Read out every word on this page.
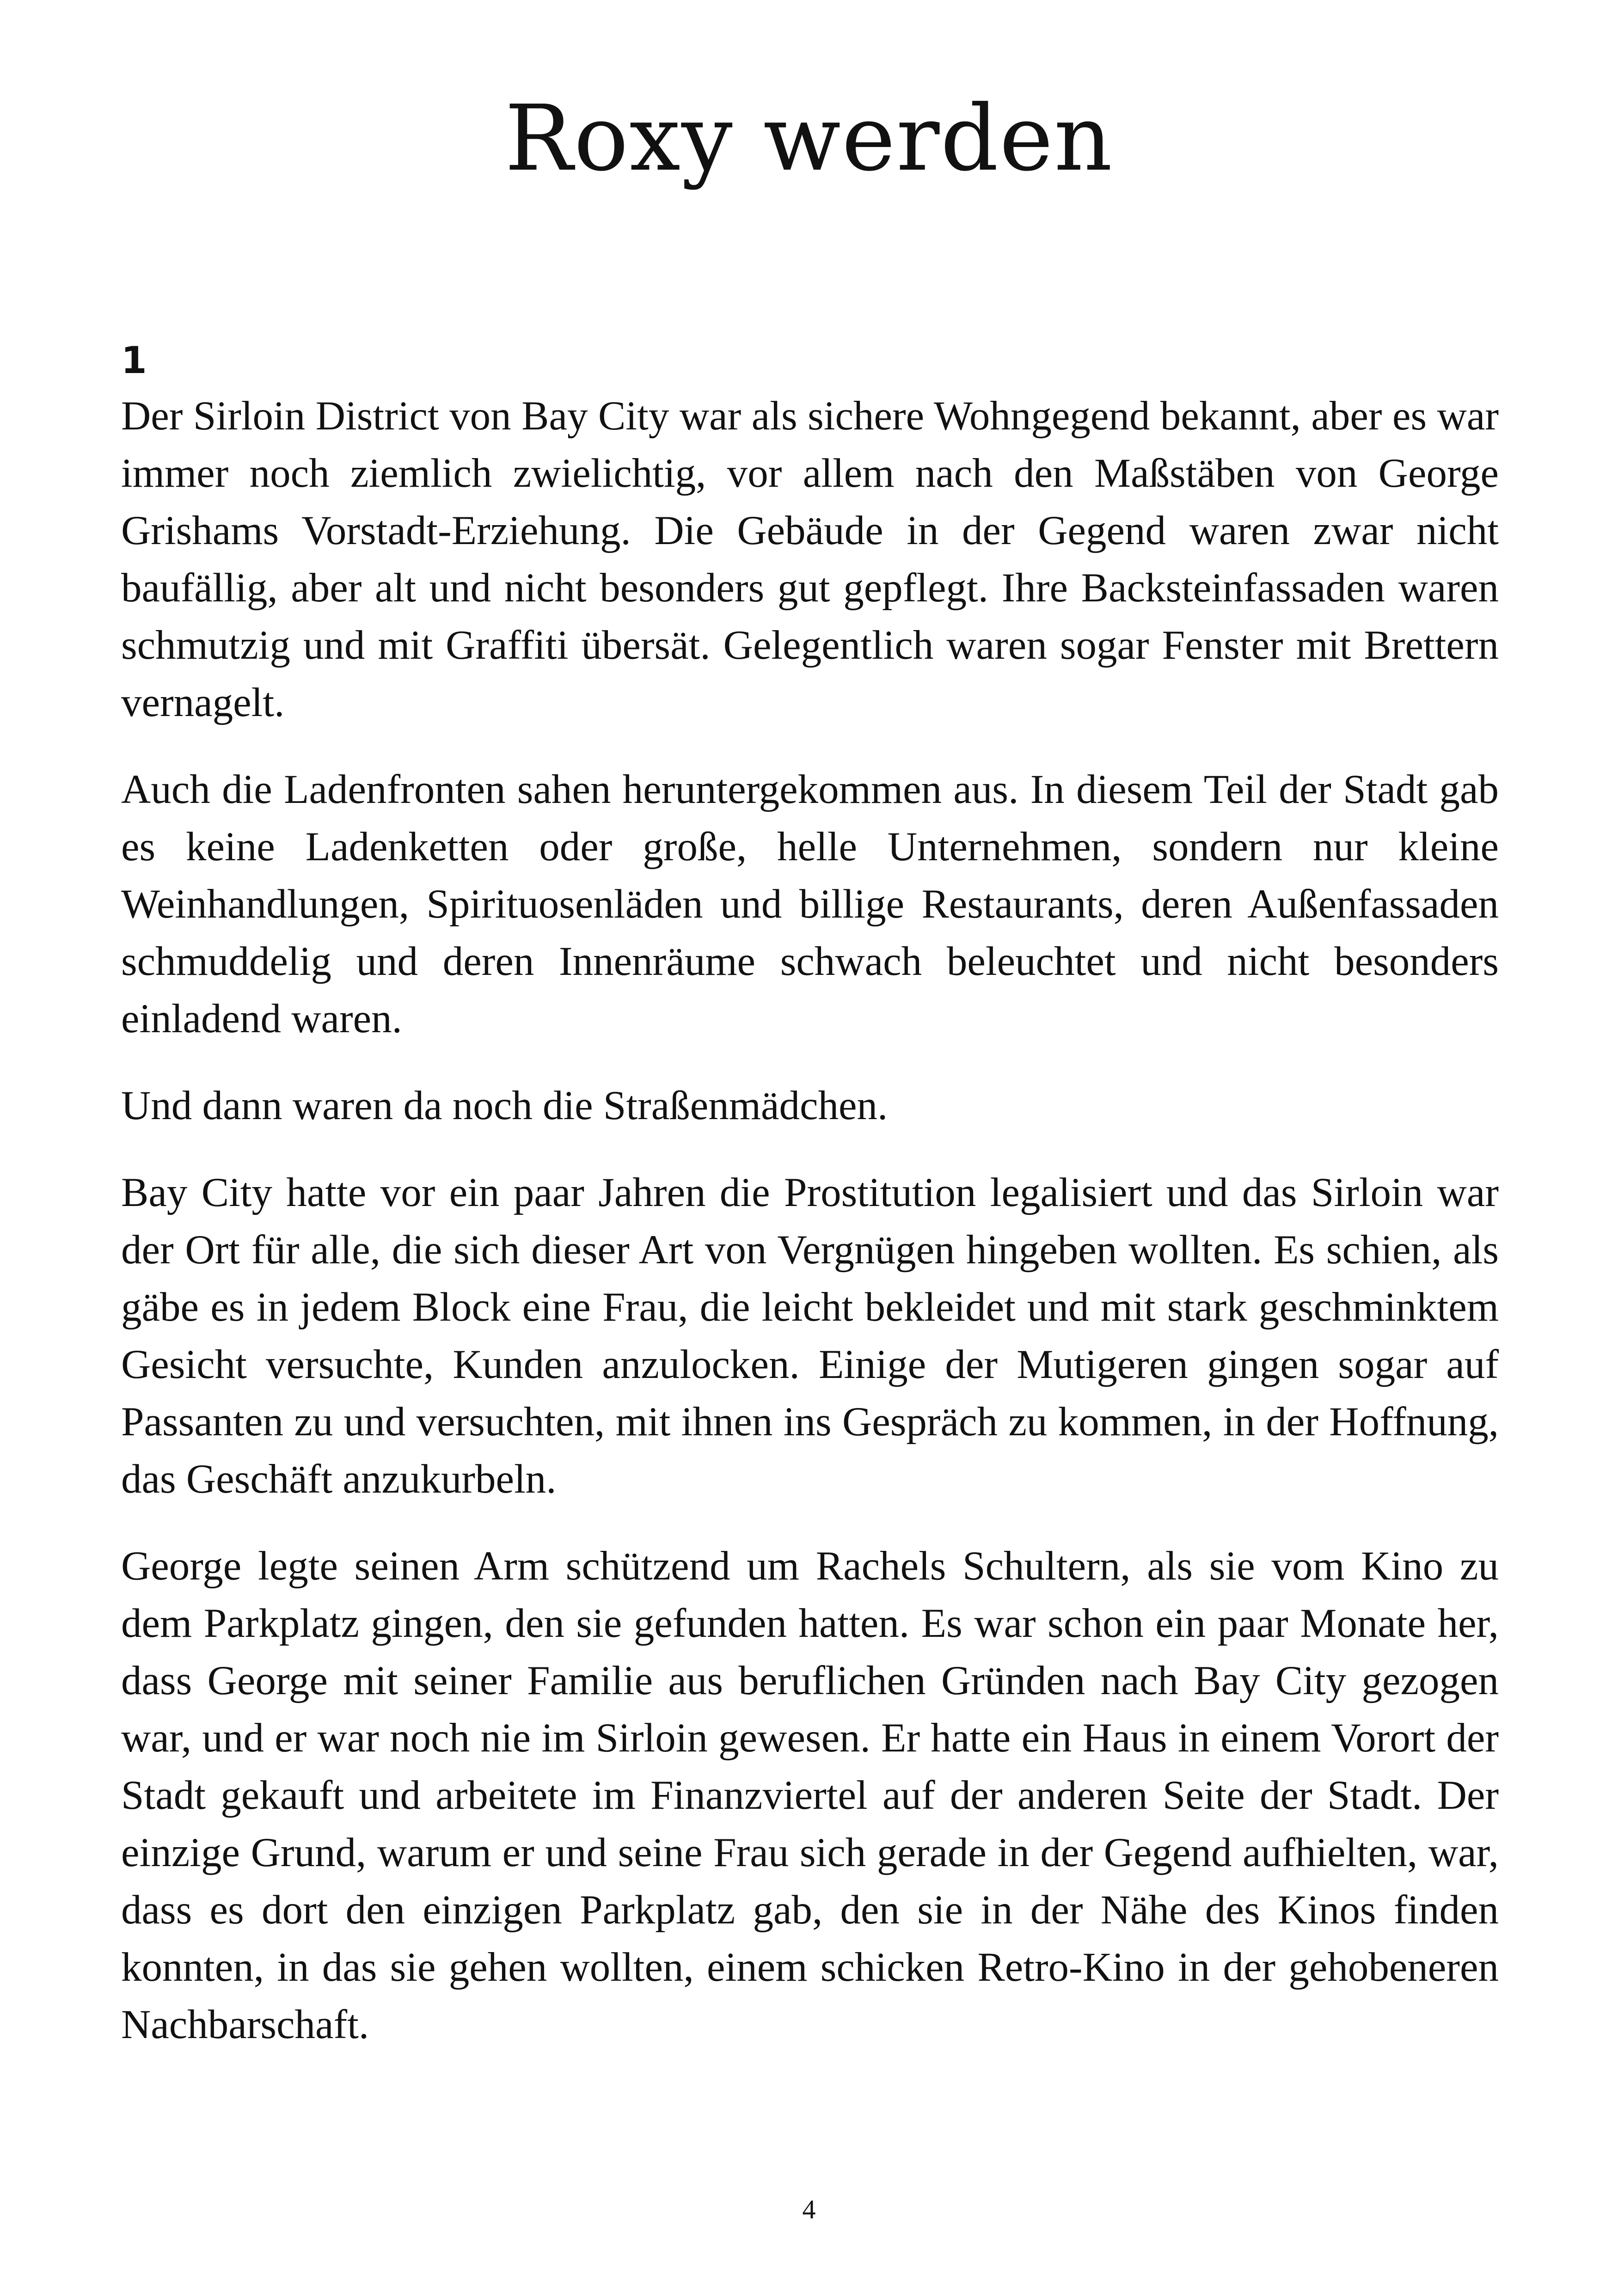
Roxy werden
1

Der Sirloin District von Bay City war als sichere Wohngegend bekannt, aber es war immer noch ziemlich zwielichtig, vor allem nach den Maßstäben von George Grishams Vorstadt-Erziehung. Die Gebäude in der Gegend waren zwar nicht baufällig, aber alt und nicht besonders gut gepflegt. Ihre Backsteinfassaden waren schmutzig und mit Graffiti übersät. Gelegentlich waren sogar Fenster mit Brettern vernagelt.

Auch die Ladenfronten sahen heruntergekommen aus. In diesem Teil der Stadt gab es keine Ladenketten oder große, helle Unternehmen, sondern nur kleine Weinhandlungen, Spirituosenläden und billige Restaurants, deren Außenfassaden schmuddelig und deren Innenräume schwach beleuchtet und nicht besonders einladend waren.

Und dann waren da noch die Straßenmädchen.

Bay City hatte vor ein paar Jahren die Prostitution legalisiert und das Sirloin war der Ort für alle, die sich dieser Art von Vergnügen hingeben wollten. Es schien, als gäbe es in jedem Block eine Frau, die leicht bekleidet und mit stark geschminktem Gesicht versuchte, Kunden anzulocken. Einige der Mutigeren gingen sogar auf Passanten zu und versuchten, mit ihnen ins Gespräch zu kommen, in der Hoffnung, das Geschäft anzukurbeln.

George legte seinen Arm schützend um Rachels Schultern, als sie vom Kino zu dem Parkplatz gingen, den sie gefunden hatten. Es war schon ein paar Monate her, dass George mit seiner Familie aus beruflichen Gründen nach Bay City gezogen war, und er war noch nie im Sirloin gewesen. Er hatte ein Haus in einem Vorort der Stadt gekauft und arbeitete im Finanzviertel auf der anderen Seite der Stadt. Der einzige Grund, warum er und seine Frau sich gerade in der Gegend aufhielten, war, dass es dort den einzigen Parkplatz gab, den sie in der Nähe des Kinos finden konnten, in das sie gehen wollten, einem schicken Retro-Kino in der gehobeneren Nachbarschaft.

4
